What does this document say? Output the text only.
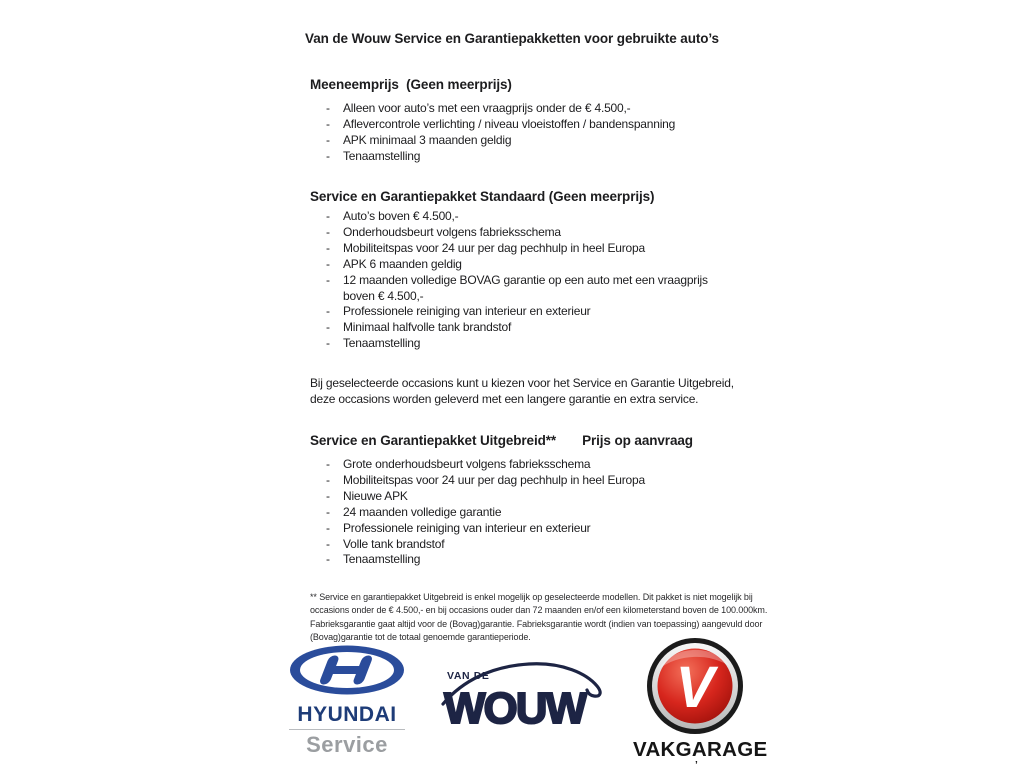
Van de Wouw Service en Garantiepakketten voor gebruikte auto’s
Meeneemprijs  (Geen meerprijs)
-	Alleen voor auto’s met een vraagprijs onder de € 4.500,-
-	Aflevercontrole verlichting / niveau vloeistoffen / bandenspanning
-	APK minimaal 3 maanden geldig
-	Tenaamstelling
Service en Garantiepakket Standaard (Geen meerprijs)
-	Auto’s boven € 4.500,-
-	Onderhoudsbeurt volgens fabrieksschema
-	Mobiliteitspas voor 24 uur per dag pechhulp in heel Europa
-	APK 6 maanden geldig
-	12 maanden volledige BOVAG garantie op een auto met een vraagprijs boven € 4.500,-
-	Professionele reiniging van interieur en exterieur
-	Minimaal halfvolle tank brandstof
-	Tenaamstelling
Bij geselecteerde occasions kunt u kiezen voor het Service en Garantie Uitgebreid, deze occasions worden geleverd met een langere garantie en extra service.
Service en Garantiepakket Uitgebreid** Prijs op aanvraag
-	Grote onderhoudsbeurt volgens fabrieksschema
-	Mobiliteitspas voor 24 uur per dag pechhulp in heel Europa
-	Nieuwe APK
-	24 maanden volledige garantie
-	Professionele reiniging van interieur en exterieur
-	Volle tank brandstof
-	Tenaamstelling
** Service en garantiepakket Uitgebreid is enkel mogelijk op geselecteerde modellen. Dit pakket is niet mogelijk bij occasions onder de € 4.500,- en bij occasions ouder dan 72 maanden en/of een kilometerstand boven de 100.000km.  Fabrieksgarantie gaat altijd voor de (Bovag)garantie. Fabrieksgarantie wordt (indien van toepassing) aangevuld door (Bovag)garantie tot de totaal genoemde garantieperiode.
HYUNDAI
Service
VAN DE
WOUW V
VAKGARAGE
’
